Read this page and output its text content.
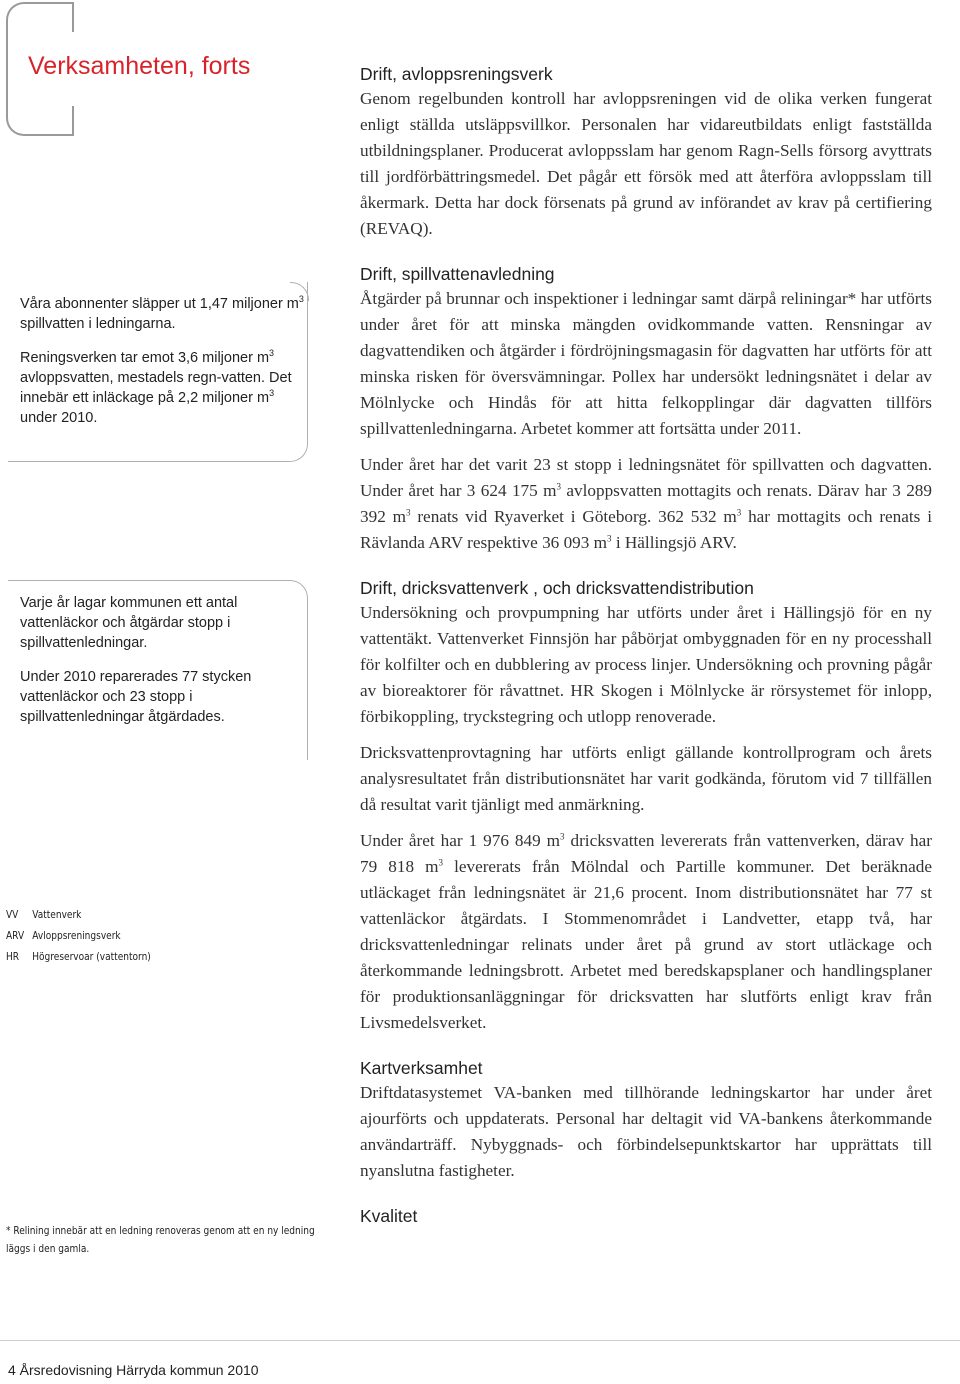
Verksamheten, forts

Våra abonnenter släpper ut 1,47 miljoner $m^3$ spillvatten i ledningarna.

Reningsverken tar emot 3,6 miljoner $m^3$ avloppsvatten, mestadels regn-vatten. Det innebär ett inläckage på 2,2 miljoner $m^3$ under 2010.

Varje år lagar kommunen ett antal vattenläckor och åtgärdar stopp i spillvattenledningar.

Under 2010 reparerades 77 stycken vattenläckor och 23 stopp i spillvattenledningar åtgärdades.

VV	Vattenverk
ARV Avloppsreningsverk
HR	Högreservoar (vattentorn)
* Relining innebär att en ledning renoveras genom att en ny ledning läggs i den gamla.
Drift, avloppsreningsverk

Genom regelbunden kontroll har avloppsreningen vid de olika verken fungerat enligt ställda utsläppsvillkor. Personalen har vidareutbildats enligt fastställda utbildningsplaner. Producerat avloppsslam har genom Ragn-Sells försorg avyttrats till jordförbättringsmedel. Det pågår ett försök med att återföra avloppsslam till åkermark. Detta har dock försenats på grund av införandet av krav på certifiering (REVAQ).

Drift, spillvattenavledning

Åtgärder på brunnar och inspektioner i ledningar samt därpå reliningar* har utförts under året för att minska mängden ovidkommande vatten. Rensningar av dagvattendiken och åtgärder i fördröjningsmagasin för dagvatten har utförts för att minska risken för översvämningar. Pollex har undersökt ledningsnätet i delar av Mölnlycke och Hindås för att hitta felkopplingar där dagvatten tillförs spillvattenledningarna. Arbetet kommer att fortsätta under 2011.

Under året har det varit 23 st stopp i ledningsnätet för spillvatten och dagvatten. Under året har 3 624 175 $m^3$ avloppsvatten mottagits och renats. Därav har 3 289 392 $m^3$ renats vid Ryaverket i Göteborg. 362 532 $m^3$ har mottagits och renats i Rävlanda ARV respektive 36 093 $m^3$ i Hällingsjö ARV.

Drift, dricksvattenverk , och dricksvattendistribution

Undersökning och provpumpning har utförts under året i Hällingsjö för en ny vattentäkt. Vattenverket Finnsjön har påbörjat ombyggnaden för en ny processhall för kolfilter och en dubblering av process linjer. Undersökning och provning pågår av bioreaktorer för råvattnet. HR Skogen i Mölnlycke är rörsystemet för inlopp, förbikoppling, tryckstegring och utlopp renoverade.

Dricksvattenprovtagning har utförts enligt gällande kontrollprogram och årets analysresultatet från distributionsnätet har varit godkända, förutom vid 7 tillfällen då resultat varit tjänligt med anmärkning.

Under året har 1 976 849 $m^3$ dricksvatten levererats från vattenverken, därav har 79 818 $m^3$ levererats från Mölndal och Partille kommuner. Det beräknade utläckaget från ledningsnätet är 21,6 procent. Inom distributionsnätet har 77 st vattenläckor åtgärdats. I Stommenområdet i Landvetter, etapp två, har dricksvattenledningar relinats under året på grund av stort utläckage och återkommande ledningsbrott. Arbetet med beredskapsplaner och handlingsplaner för produktionsanläggningar för dricksvatten har slutförts enligt krav från Livsmedelsverket.

Kartverksamhet

Driftdatasystemet VA-banken med tillhörande ledningskartor har under året ajourförts och uppdaterats. Personal har deltagit vid VA-bankens återkommande användarträff. Nybyggnads- och förbindelsepunktskartor har upprättats till nyanslutna fastigheter.

Kvalitet
4 Årsredovisning Härryda kommun 2010
